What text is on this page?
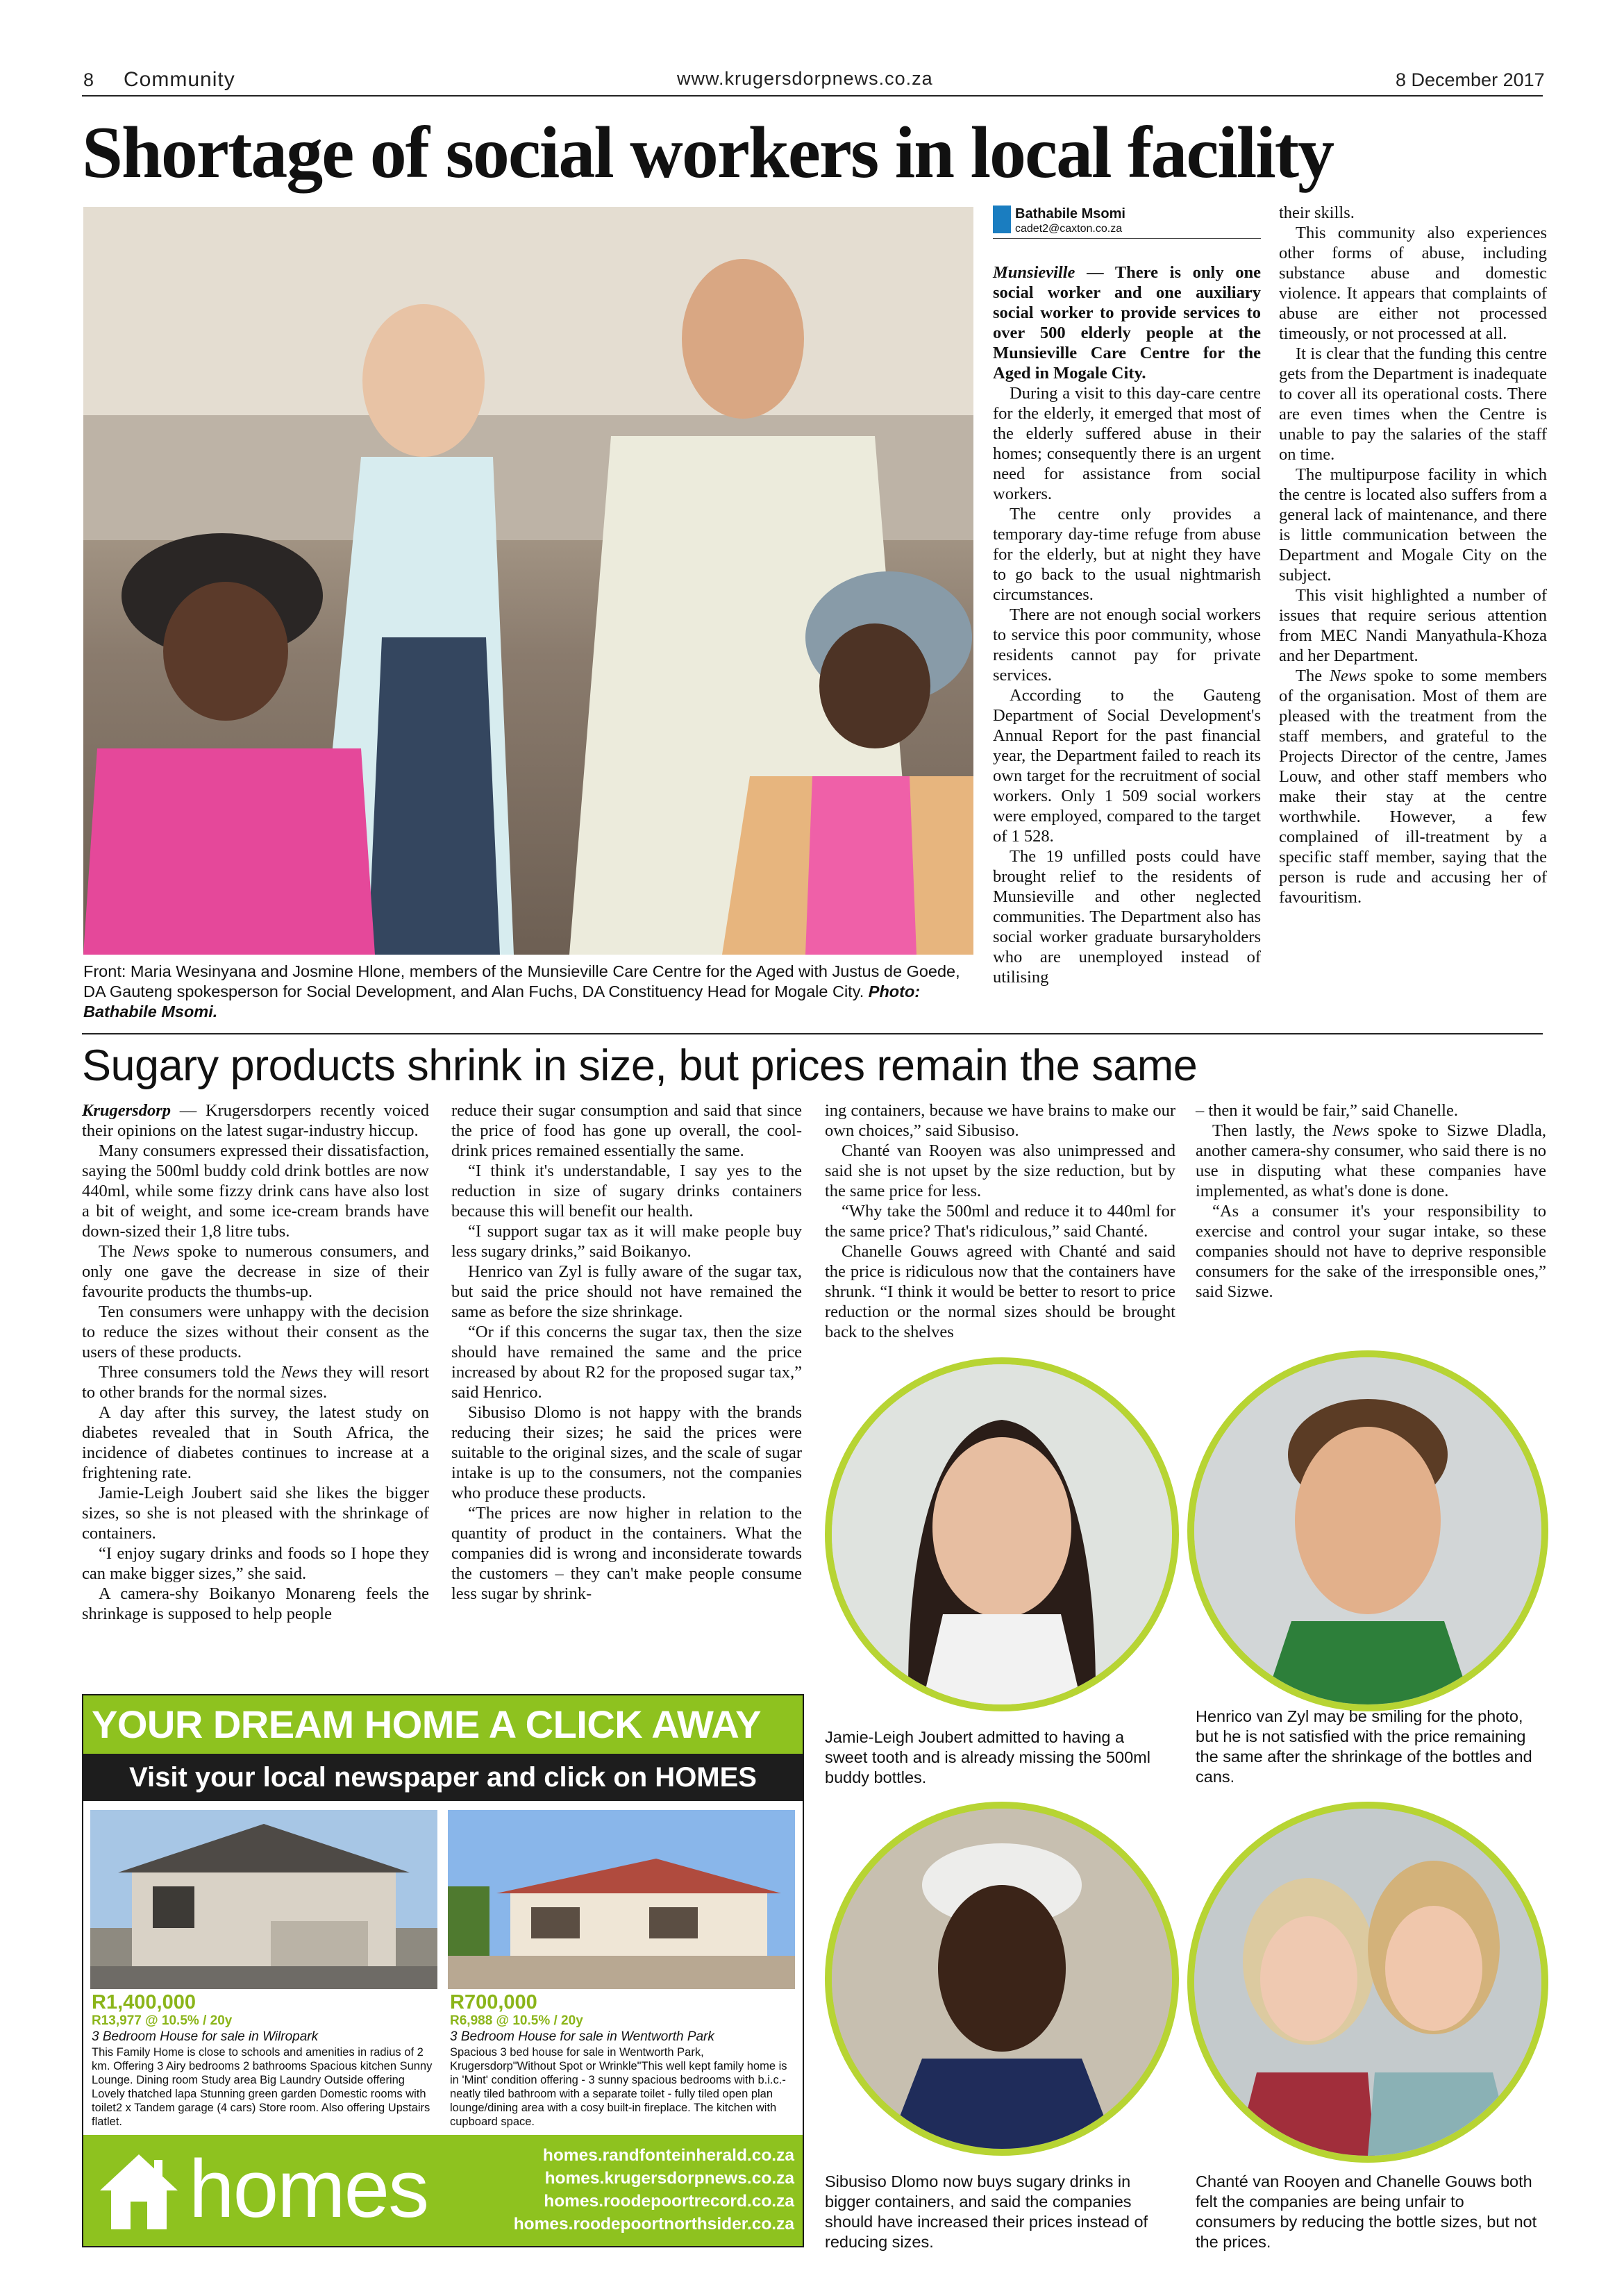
8 Community	www.krugersdorpnews.co.za	8 December 2017
Shortage of social workers in local facility
Front: Maria Wesinyana and Josmine Hlone, members of the Munsieville Care Centre for the Aged with Justus de Goede, DA Gauteng spokesperson for Social Development, and Alan Fuchs, DA Constituency Head for Mogale City. Photo: Bathabile Msomi.
Bathabile Msomi
cadet2@caxton.co.za

Munsieville — There is only one social worker and one auxiliary social worker to provide services to over 500 elderly people at the Munsieville Care Centre for the Aged in Mogale City.

During a visit to this day-care centre for the elderly, it emerged that most of the elderly suffered abuse in their homes; consequently there is an urgent need for assistance from social workers.

The centre only provides a temporary day-time refuge from abuse for the elderly, but at night they have to go back to the usual nightmarish circumstances.

There are not enough social workers to service this poor community, whose residents cannot pay for private services.

According to the Gauteng Department of Social Development's Annual Report for the past financial year, the Department failed to reach its own target for the recruitment of social workers. Only 1 509 social workers were employed, compared to the target of 1 528.

The 19 unfilled posts could have brought relief to the residents of Munsieville and other neglected communities. The Department also has social worker graduate bursaryholders who are unemployed instead of utilising

their skills.

This community also experiences other forms of abuse, including substance abuse and domestic violence. It appears that complaints of abuse are either not processed timeously, or not processed at all.

It is clear that the funding this centre gets from the Department is inadequate to cover all its operational costs. There are even times when the Centre is unable to pay the salaries of the staff on time.

The multipurpose facility in which the centre is located also suffers from a general lack of maintenance, and there is little communication between the Department and Mogale City on the subject.

This visit highlighted a number of issues that require serious attention from MEC Nandi Manyathula-Khoza and her Department.

The News spoke to some members of the organisation. Most of them are pleased with the treatment from the staff members, and grateful to the Projects Director of the centre, James Louw, and other staff members who make their stay at the centre worthwhile. However, a few complained of ill-treatment by a specific staff member, saying that the person is rude and accusing her of favouritism.

Sugary products shrink in size, but prices remain the same

Krugersdorp — Krugersdorpers recently voiced their opinions on the latest sugar-industry hiccup.

Many consumers expressed their dissatisfaction, saying the 500ml buddy cold drink bottles are now 440ml, while some fizzy drink cans have also lost a bit of weight, and some ice-cream brands have down-sized their 1,8 litre tubs.

The News spoke to numerous consumers, and only one gave the decrease in size of their favourite products the thumbs-up.

Ten consumers were unhappy with the decision to reduce the sizes without their consent as the users of these products.

Three consumers told the News they will resort to other brands for the normal sizes.

A day after this survey, the latest study on diabetes revealed that in South Africa, the incidence of diabetes continues to increase at a frightening rate.

Jamie-Leigh Joubert said she likes the bigger sizes, so she is not pleased with the shrinkage of containers.

“I enjoy sugary drinks and foods so I hope they can make bigger sizes,” she said.

A camera-shy Boikanyo Monareng feels the shrinkage is supposed to help people

reduce their sugar consumption and said that since the price of food has gone up overall, the cool-drink prices remained essentially the same.

“I think it's understandable, I say yes to the reduction in size of sugary drinks containers because this will benefit our health.

“I support sugar tax as it will make people buy less sugary drinks,” said Boikanyo.

Henrico van Zyl is fully aware of the sugar tax, but said the price should not have remained the same as before the size shrinkage.

“Or if this concerns the sugar tax, then the size should have remained the same and the price increased by about R2 for the proposed sugar tax,” said Henrico.

Sibusiso Dlomo is not happy with the brands reducing their sizes; he said the prices were suitable to the original sizes, and the scale of sugar intake is up to the consumers, not the companies who produce these products.

“The prices are now higher in relation to the quantity of product in the containers. What the companies did is wrong and inconsiderate towards the customers – they can't make people consume less sugar by shrink-

ing containers, because we have brains to make our own choices,” said Sibusiso.

Chanté van Rooyen was also unimpressed and said she is not upset by the size reduction, but by the same price for less.

“Why take the 500ml and reduce it to 440ml for the same price? That's ridiculous,” said Chanté.

Chanelle Gouws agreed with Chanté and said the price is ridiculous now that the containers have shrunk. “I think it would be better to resort to price reduction or the normal sizes should be brought back to the shelves

– then it would be fair,” said Chanelle.

Then lastly, the News spoke to Sizwe Dladla, another camera-shy consumer, who said there is no use in disputing what these companies have implemented, as what's done is done.

“As a consumer it's your responsibility to exercise and control your sugar intake, so these companies should not have to deprive responsible consumers for the sake of the irresponsible ones,” said Sizwe.

Jamie-Leigh Joubert admitted to having a sweet tooth and is already missing the 500ml buddy bottles.
Henrico van Zyl may be smiling for the photo, but he is not satisfied with the price remaining the same after the shrinkage of the bottles and cans.
Sibusiso Dlomo now buys sugary drinks in bigger containers, and said the companies should have increased their prices instead of reducing sizes.
Chanté van Rooyen and Chanelle Gouws both felt the companies are being unfair to consumers by reducing the bottle sizes, but not the prices.
YOUR DREAM HOME A CLICK AWAY
Visit your local newspaper and click on HOMES
R1,400,000
R13,977 @ 10.5% / 20y
3 Bedroom House for sale in Wilropark
This Family Home is close to schools and amenities in radius of 2 km. Offering 3 Airy bedrooms 2 bathrooms Spacious kitchen Sunny Lounge. Dining room Study area Big Laundry Outside offering Lovely thatched lapa Stunning green garden Domestic rooms with toilet2 x Tandem garage (4 cars) Store room. Also offering Upstairs flatlet.
R700,000
R6,988 @ 10.5% / 20y
3 Bedroom House for sale in Wentworth Park
Spacious 3 bed house for sale in Wentworth Park, Krugersdorp"Without Spot or Wrinkle"This well kept family home is in 'Mint' condition offering - 3 sunny spacious bedrooms with b.i.c.- neatly tiled bathroom with a separate toilet - fully tiled open plan lounge/dining area with a cosy built-in fireplace. The kitchen with cupboard space.
homes	homes.randfonteinherald.co.za
homes.krugersdorpnews.co.za
homes.roodepoortrecord.co.za
homes.roodepoortnorthsider.co.za
